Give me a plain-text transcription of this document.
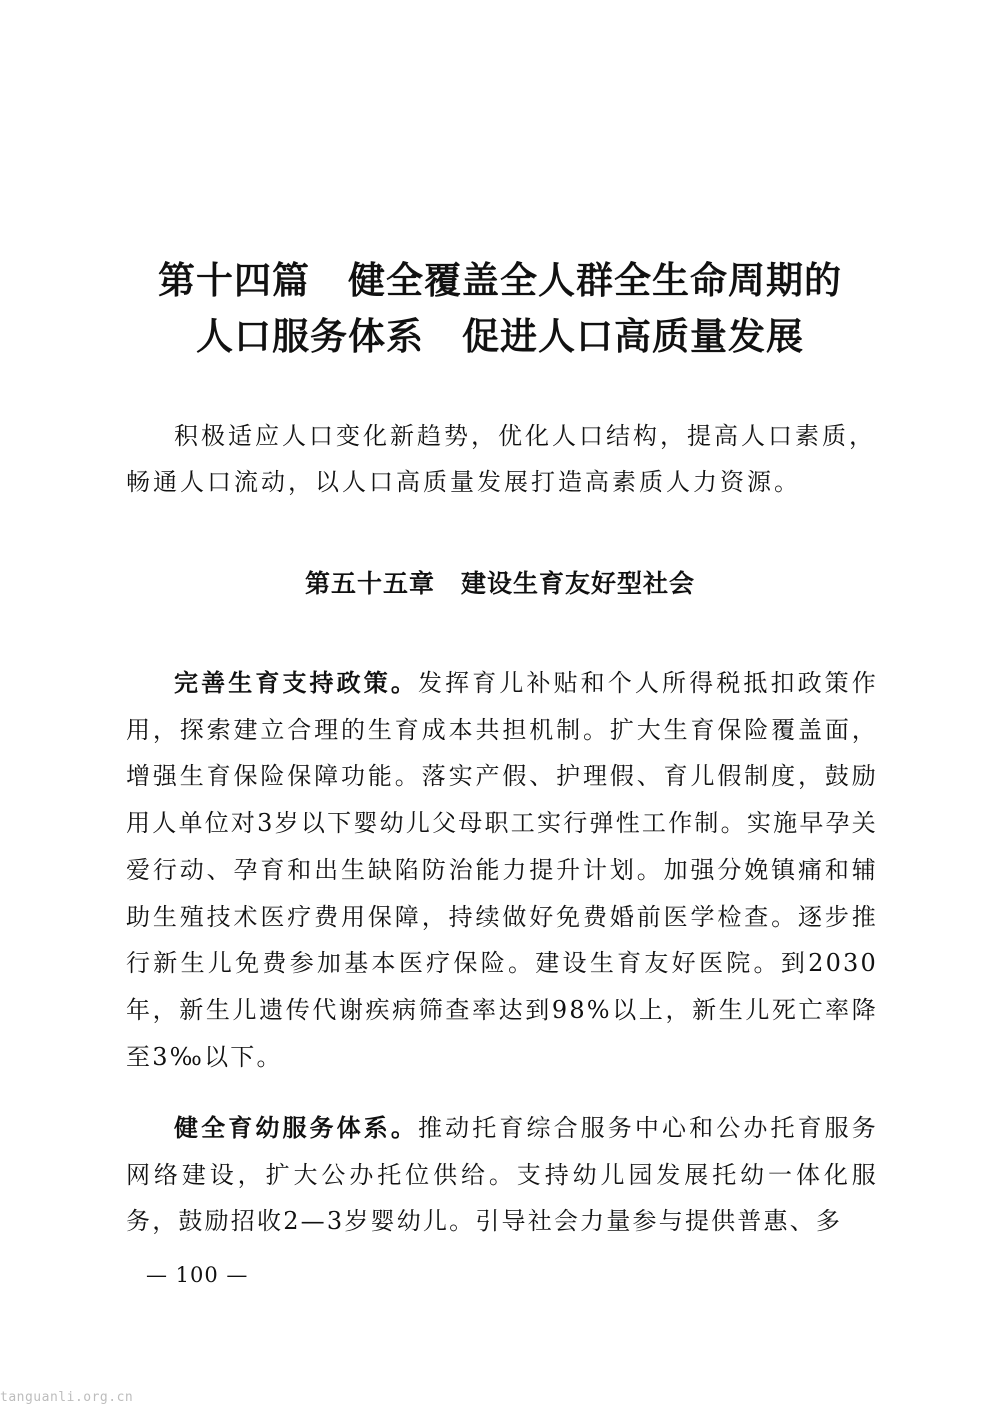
第十四篇　健全覆盖全人群全生命周期的
人口服务体系　促进人口高质量发展

积极适应人口变化新趋势，优化人口结构，提高人口素质，畅通人口流动，以人口高质量发展打造高素质人力资源。

第五十五章　建设生育友好型社会

完善生育支持政策。发挥育儿补贴和个人所得税抵扣政策作用，探索建立合理的生育成本共担机制。扩大生育保险覆盖面，增强生育保险保障功能。落实产假、护理假、育儿假制度，鼓励用人单位对3岁以下婴幼儿父母职工实行弹性工作制。实施早孕关爱行动、孕育和出生缺陷防治能力提升计划。加强分娩镇痛和辅助生殖技术医疗费用保障，持续做好免费婚前医学检查。逐步推行新生儿免费参加基本医疗保险。建设生育友好医院。到2030年，新生儿遗传代谢疾病筛查率达到98%以上，新生儿死亡率降至3‰以下。

健全育幼服务体系。推动托育综合服务中心和公办托育服务网络建设，扩大公办托位供给。支持幼儿园发展托幼一体化服务，鼓励招收2—3岁婴幼儿。引导社会力量参与提供普惠、多

— 100 —
tanguanli.org.cn
